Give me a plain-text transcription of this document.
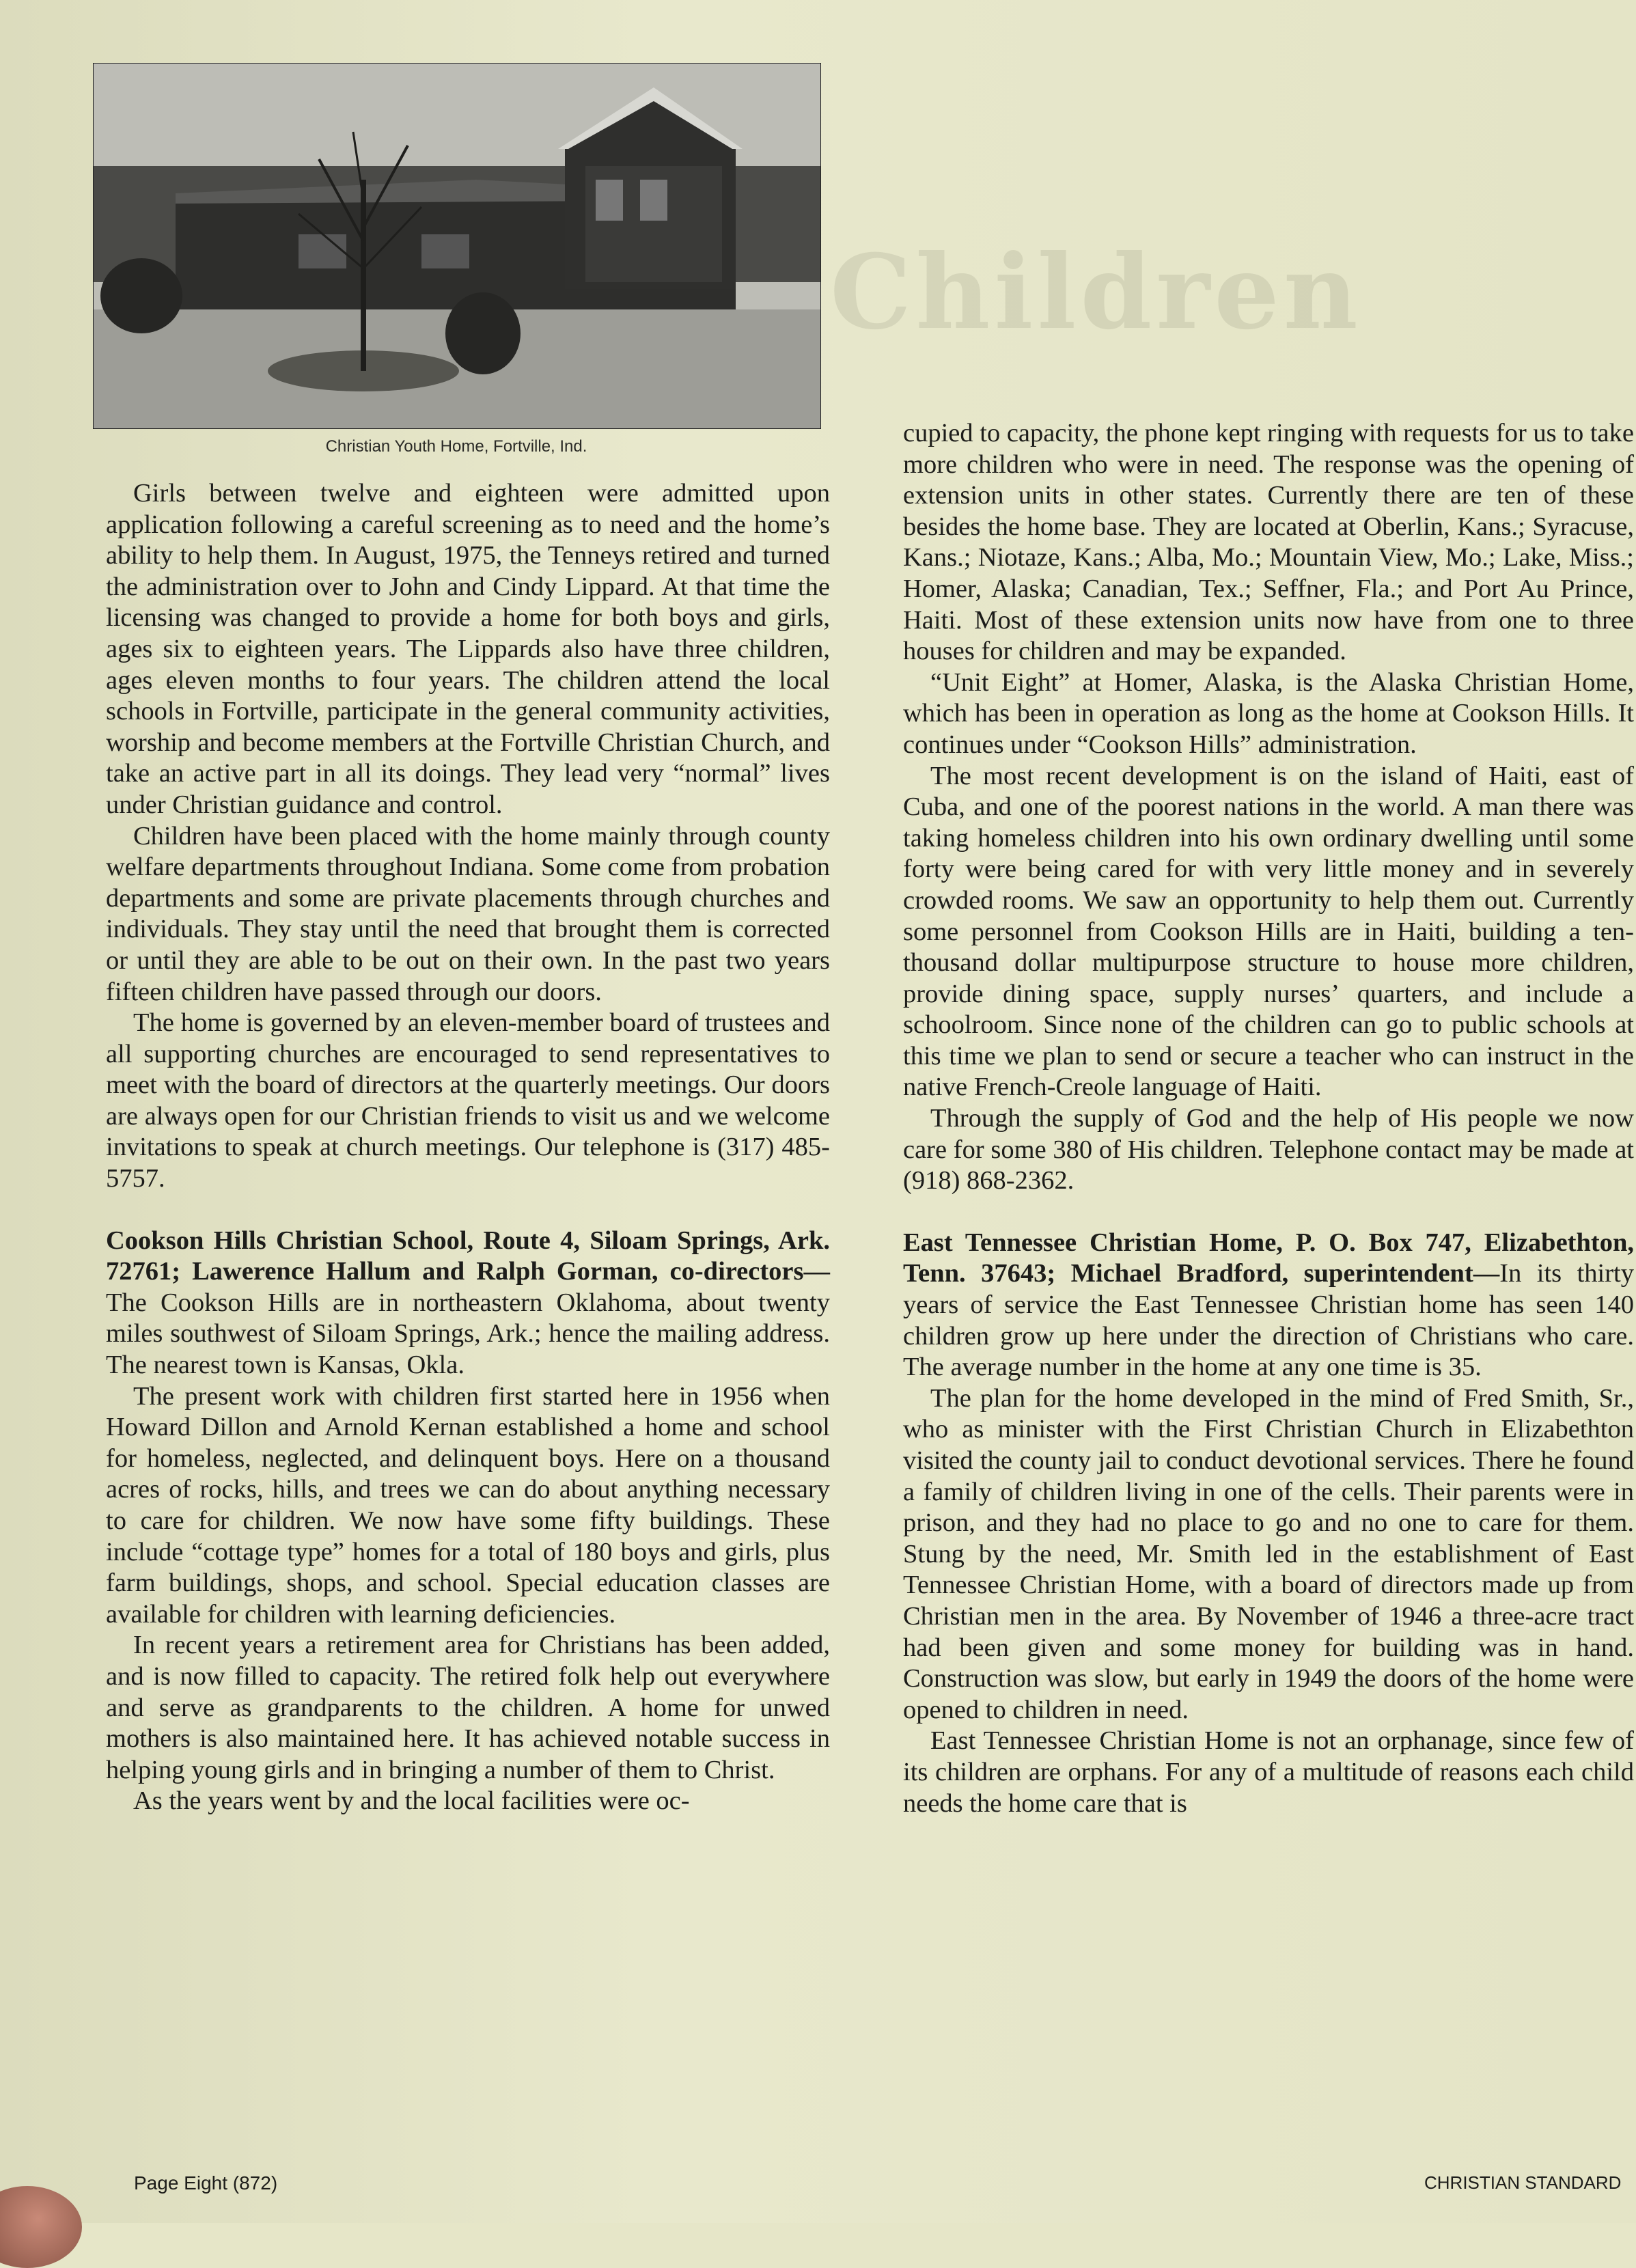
Christian Youth Home, Fortville, Ind.
Children

Girls between twelve and eighteen were admitted upon application following a careful screening as to need and the home’s ability to help them. In August, 1975, the Tenneys retired and turned the administration over to John and Cindy Lippard. At that time the licensing was changed to provide a home for both boys and girls, ages six to eighteen years. The Lippards also have three children, ages eleven months to four years. The children attend the local schools in Fortville, participate in the general community activities, worship and become members at the Fortville Christian Church, and take an active part in all its doings. They lead very “normal” lives under Christian guidance and control.

Children have been placed with the home mainly through county welfare departments throughout Indiana. Some come from probation departments and some are private placements through churches and individuals. They stay until the need that brought them is corrected or until they are able to be out on their own. In the past two years fifteen children have passed through our doors.

The home is governed by an eleven-member board of trustees and all supporting churches are encouraged to send representatives to meet with the board of directors at the quarterly meetings. Our doors are always open for our Christian friends to visit us and we welcome invitations to speak at church meetings. Our telephone is (317) 485-5757.

Cookson Hills Christian School, Route 4, Siloam Springs, Ark. 72761; Lawerence Hallum and Ralph Gorman, co-directors—The Cookson Hills are in northeastern Oklahoma, about twenty miles southwest of Siloam Springs, Ark.; hence the mailing address. The nearest town is Kansas, Okla.

The present work with children first started here in 1956 when Howard Dillon and Arnold Kernan established a home and school for homeless, neglected, and delinquent boys. Here on a thousand acres of rocks, hills, and trees we can do about anything necessary to care for children. We now have some fifty buildings. These include “cottage type” homes for a total of 180 boys and girls, plus farm buildings, shops, and school. Special education classes are available for children with learning deficiencies.

In recent years a retirement area for Christians has been added, and is now filled to capacity. The retired folk help out everywhere and serve as grandparents to the children. A home for unwed mothers is also maintained here. It has achieved notable success in helping young girls and in bringing a number of them to Christ.

As the years went by and the local facilities were oc-

cupied to capacity, the phone kept ringing with requests for us to take more children who were in need. The response was the opening of extension units in other states. Currently there are ten of these besides the home base. They are located at Oberlin, Kans.; Syracuse, Kans.; Niotaze, Kans.; Alba, Mo.; Mountain View, Mo.; Lake, Miss.; Homer, Alaska; Canadian, Tex.; Seffner, Fla.; and Port Au Prince, Haiti. Most of these extension units now have from one to three houses for children and may be expanded.

“Unit Eight” at Homer, Alaska, is the Alaska Christian Home, which has been in operation as long as the home at Cookson Hills. It continues under “Cookson Hills” administration.

The most recent development is on the island of Haiti, east of Cuba, and one of the poorest nations in the world. A man there was taking homeless children into his own ordinary dwelling until some forty were being cared for with very little money and in severely crowded rooms. We saw an opportunity to help them out. Currently some personnel from Cookson Hills are in Haiti, building a ten-thousand dollar multipurpose structure to house more children, provide dining space, supply nurses’ quarters, and include a schoolroom. Since none of the children can go to public schools at this time we plan to send or secure a teacher who can instruct in the native French-Creole language of Haiti.

Through the supply of God and the help of His people we now care for some 380 of His children. Telephone contact may be made at (918) 868-2362.

East Tennessee Christian Home, P. O. Box 747, Elizabethton, Tenn. 37643; Michael Bradford, superintendent—In its thirty years of service the East Tennessee Christian home has seen 140 children grow up here under the direction of Christians who care. The average number in the home at any one time is 35.

The plan for the home developed in the mind of Fred Smith, Sr., who as minister with the First Christian Church in Elizabethton visited the county jail to conduct devotional services. There he found a family of children living in one of the cells. Their parents were in prison, and they had no place to go and no one to care for them. Stung by the need, Mr. Smith led in the establishment of East Tennessee Christian Home, with a board of directors made up from Christian men in the area. By November of 1946 a three-acre tract had been given and some money for building was in hand. Construction was slow, but early in 1949 the doors of the home were opened to children in need.

East Tennessee Christian Home is not an orphanage, since few of its children are orphans. For any of a multitude of reasons each child needs the home care that is

Page Eight (872)	CHRISTIAN STANDARD
